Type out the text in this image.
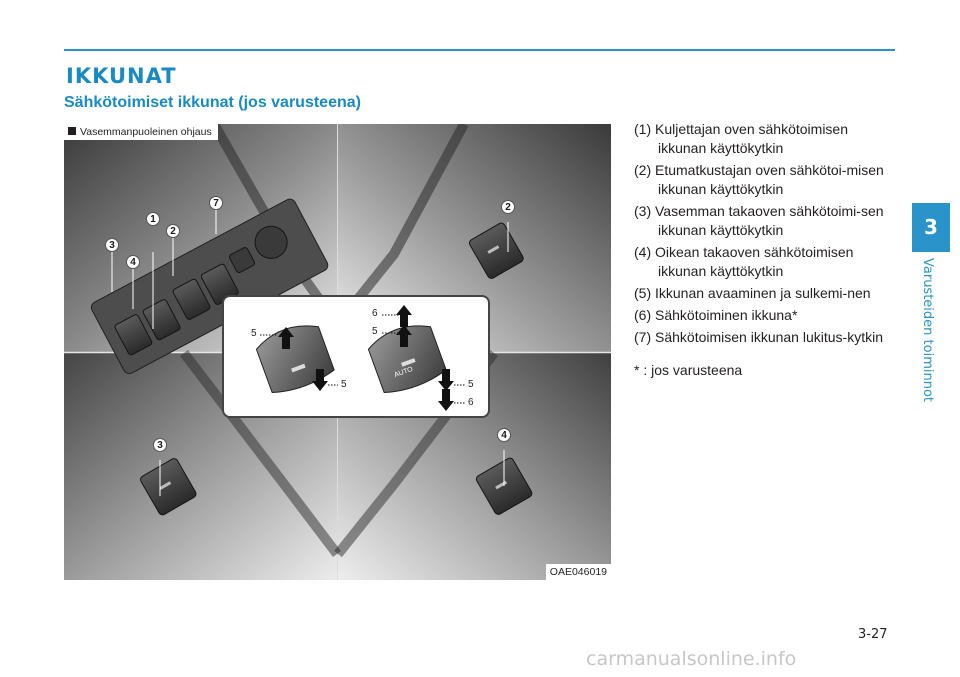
IKKUNAT
Sähkötoimiset ikkunat (jos varusteena)
Vasemmanpuoleinen ohjaus
1
2
3
4
7	2
3
4
OAE046019
5
5
6
5
5
6
AUTO
(1) Kuljettajan oven sähkötoimisen ikkunan käyttökytkin
(2) Etumatkustajan oven sähkötoi-misen ikkunan käyttökytkin
(3) Vasemman takaoven sähkötoimi-sen ikkunan käyttökytkin
(4) Oikean takaoven sähkötoimisen ikkunan käyttökytkin
(5) Ikkunan avaaminen ja sulkemi-nen
(6) Sähkötoiminen ikkuna*
(7) Sähkötoimisen ikkunan lukitus-kytkin
* : jos varusteena
3
Varusteiden toiminnot
3-27
carmanualsonline.info
